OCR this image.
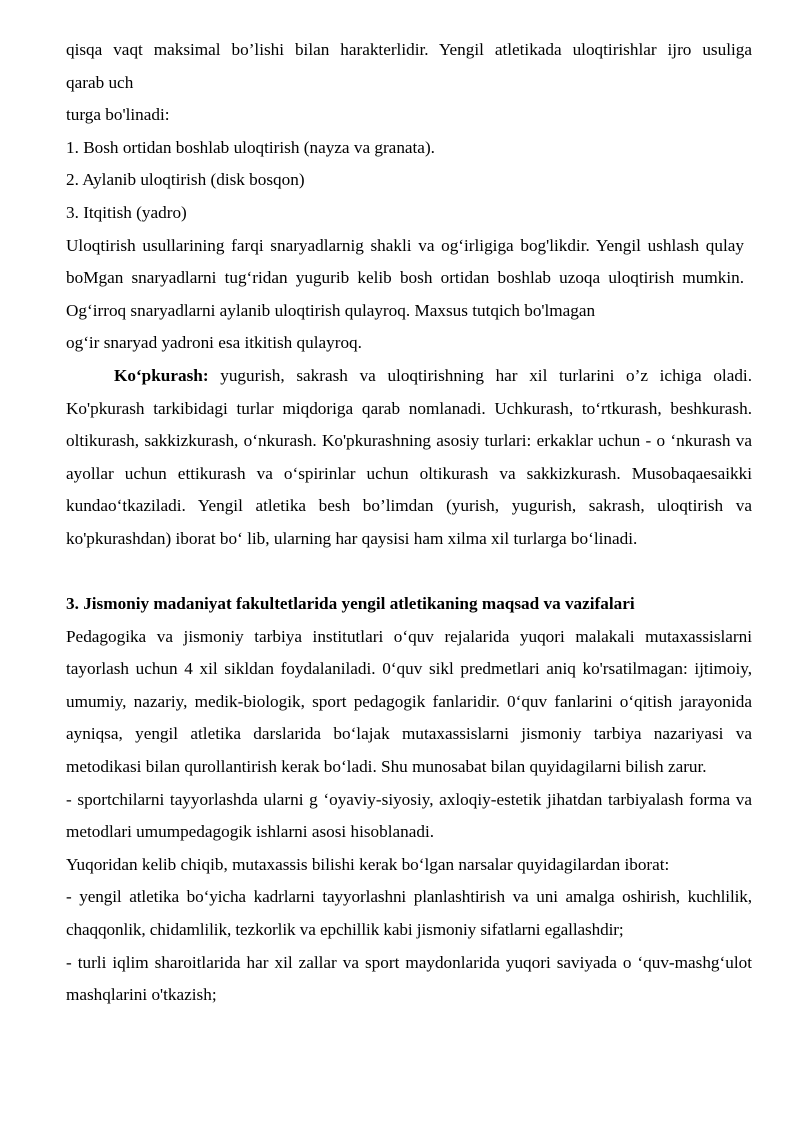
qisqa vaqt maksimal bo’lishi bilan harakterlidir. Yengil atletikada uloqtirishlar ijro usuliga

qarab uch

turga bo'linadi:

1. Bosh ortidan boshlab uloqtirish (nayza va granata).

2. Aylanib uloqtirish (disk bosqon)

3. Itqitish (yadro)

Uloqtirish usullarining farqi snaryadlarnig shakli va og‘irligiga bog'likdir. Yengil ushlash qulay boMgan snaryadlarni tug‘ridan yugurib kelib bosh ortidan boshlab uzoqa uloqtirish mumkin. Og‘irroq snaryadlarni aylanib uloqtirish qulayroq. Maxsus tutqich bo'lmagan

og‘ir snaryad yadroni esa itkitish qulayroq.

Ko‘pkurash: yugurish, sakrash va uloqtirishning har xil turlarini o’z ichiga oladi. Ko'pkurash tarkibidagi turlar miqdoriga qarab nomlanadi. Uchkurash, to‘rtkurash, beshkurash. oltikurash, sakkizkurash, o‘nkurash. Ko'pkurashning asosiy turlari: erkaklar uchun - o ‘nkurash va ayollar uchun ettikurash va o‘spirinlar uchun oltikurash va sakkizkurash. Musobaqaesaikki kundao‘tkaziladi. Yengil atletika besh bo’limdan (yurish, yugurish, sakrash, uloqtirish va ko'pkurashdan) iborat bo‘ lib, ularning har qaysisi ham xilma xil turlarga bo‘linadi.

3. Jismoniy madaniyat fakultetlarida yengil atletikaning maqsad va vazifalari

Pedagogika va jismoniy tarbiya institutlari o‘quv rejalarida yuqori malakali mutaxassislarni tayorlash uchun 4 xil sikldan foydalaniladi. 0‘quv sikl predmetlari aniq ko'rsatilmagan: ijtimoiy, umumiy, nazariy, medik-biologik, sport pedagogik fanlaridir. 0‘quv fanlarini o‘qitish jarayonida ayniqsa, yengil atletika darslarida bo‘lajak mutaxassislarni jismoniy tarbiya nazariyasi va metodikasi bilan qurollantirish kerak bo‘ladi. Shu munosabat bilan quyidagilarni bilish zarur.

- sportchilarni tayyorlashda ularni g ‘oyaviy-siyosiy, axloqiy-estetik jihatdan tarbiyalash forma va metodlari umumpedagogik ishlarni asosi hisoblanadi.

Yuqoridan kelib chiqib, mutaxassis bilishi kerak bo‘lgan narsalar quyidagilardan iborat:

- yengil atletika bo‘yicha kadrlarni tayyorlashni planlashtirish va uni amalga oshirish, kuchlilik, chaqqonlik, chidamlilik, tezkorlik va epchillik kabi jismoniy sifatlarni egallashdir;

- turli iqlim sharoitlarida har xil zallar va sport maydonlarida yuqori saviyada o ‘quv-mashg‘ulot mashqlarini o'tkazish;
